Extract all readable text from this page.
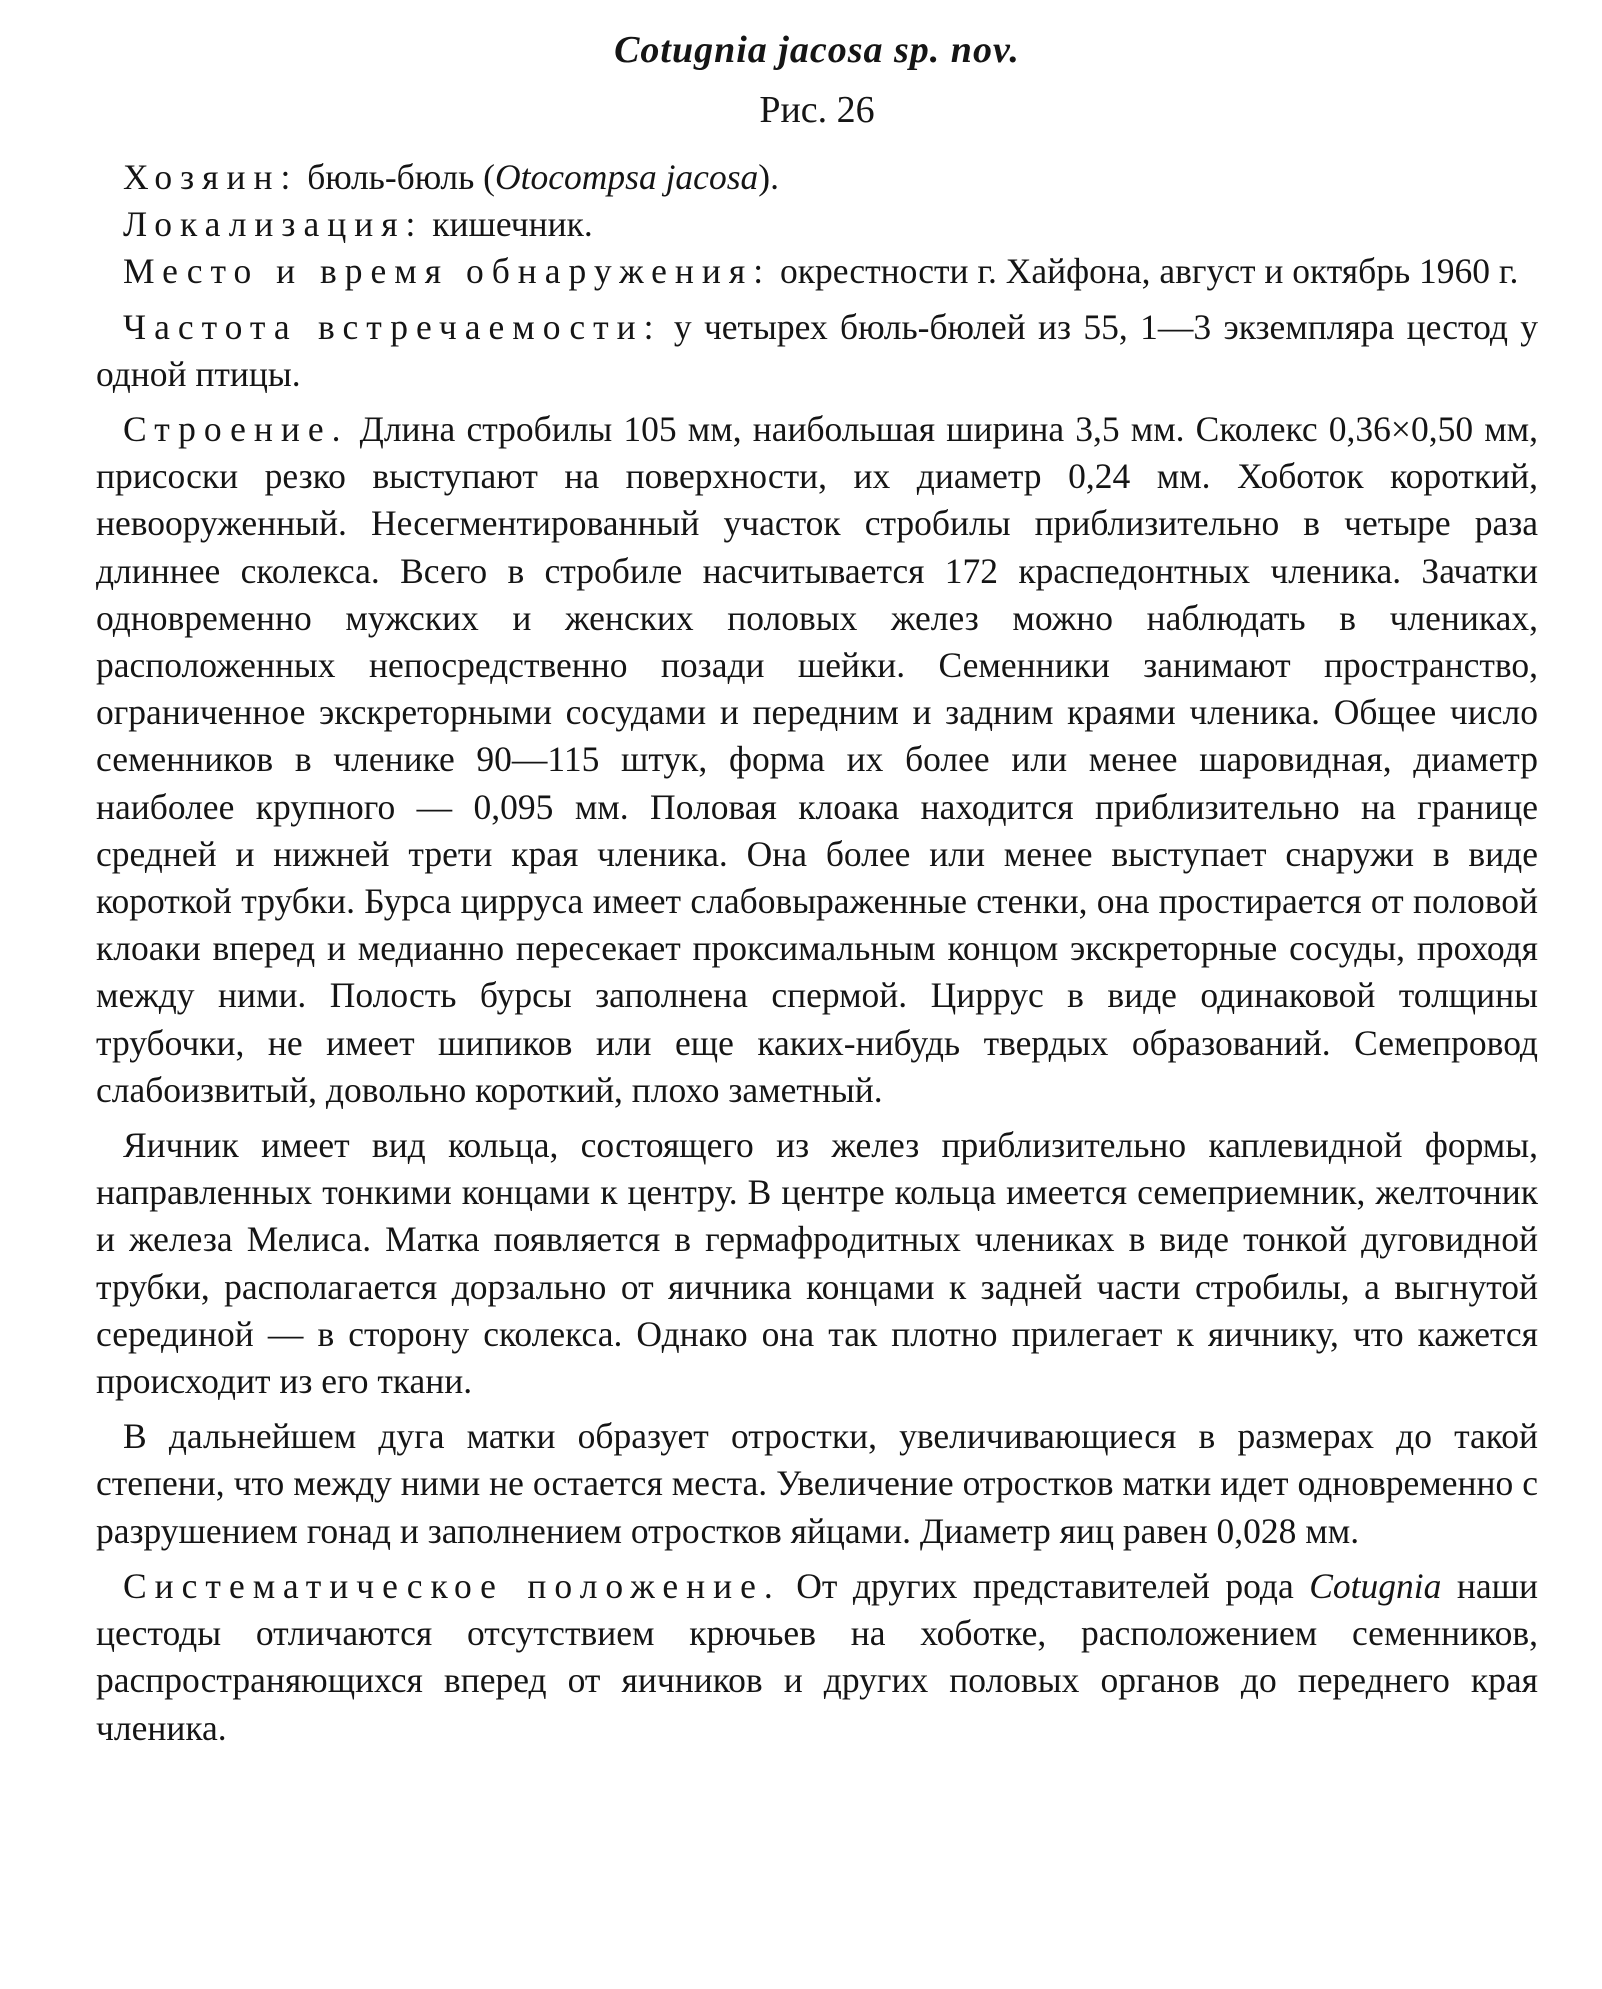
Cotugnia jacosa sp. nov.
Рис. 26

Хозяин: бюль-бюль (Otocompsa jacosa).

Локализация: кишечник.

Место и время обнаружения: окрестности г. Хайфона, август и октябрь 1960 г.

Частота встречаемости: у четырех бюль-бюлей из 55, 1—3 экземпляра цестод у одной птицы.

Строение. Длина стробилы 105 мм, наибольшая ширина 3,5 мм. Сколекс 0,36×0,50 мм, присоски резко выступают на поверхности, их диаметр 0,24 мм. Хоботок короткий, невооруженный. Несегментированный участок стробилы приблизительно в четыре раза длиннее сколекса. Всего в стробиле насчитывается 172 краспедонтных членика. Зачатки одновременно мужских и женских половых желез можно наблюдать в члениках, расположенных непосредственно позади шейки. Семенники занимают пространство, ограниченное экскреторными сосудами и передним и задним краями членика. Общее число семенников в членике 90—115 штук, форма их более или менее шаровидная, диаметр наиболее крупного — 0,095 мм. Половая клоака находится приблизительно на границе средней и нижней трети края членика. Она более или менее выступает снаружи в виде короткой трубки. Бурса цирруса имеет слабовыраженные стенки, она простирается от половой клоаки вперед и медианно пересекает проксимальным концом экскреторные сосуды, проходя между ними. Полость бурсы заполнена спермой. Циррус в виде одинаковой толщины трубочки, не имеет шипиков или еще каких-нибудь твердых образований. Семепровод слабоизвитый, довольно короткий, плохо заметный.

Яичник имеет вид кольца, состоящего из желез приблизительно каплевидной формы, направленных тонкими концами к центру. В центре кольца имеется семеприемник, желточник и железа Мелиса. Матка появляется в гермафродитных члениках в виде тонкой дуговидной трубки, располагается дорзально от яичника концами к задней части стробилы, а выгнутой серединой — в сторону сколекса. Однако она так плотно прилегает к яичнику, что кажется происходит из его ткани.

В дальнейшем дуга матки образует отростки, увеличивающиеся в размерах до такой степени, что между ними не остается места. Увеличение отростков матки идет одновременно с разрушением гонад и заполнением отростков яйцами. Диаметр яиц равен 0,028 мм.

Систематическое положение. От других представителей рода Cotugnia наши цестоды отличаются отсутствием крючьев на хоботке, расположением семенников, распространяющихся вперед от яичников и других половых органов до переднего края членика.
